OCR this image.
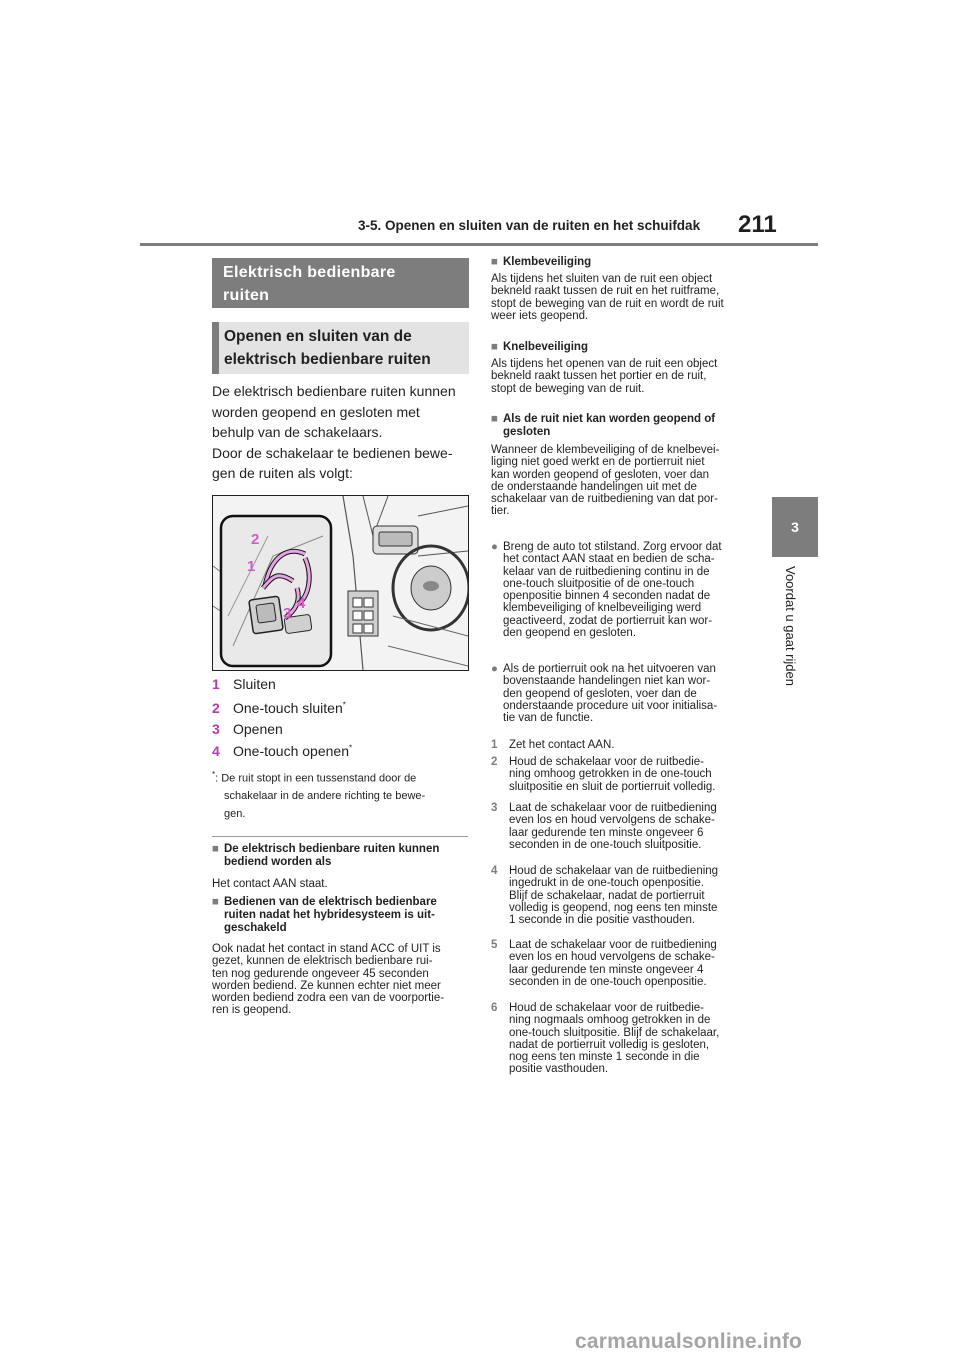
3-5. Openen en sluiten van de ruiten en het schuifdak 211
3
Voordat u gaat rijden
Elektrisch bedienbare
ruiten
Openen en sluiten van de
elektrisch bedienbare ruiten
De elektrisch bedienbare ruiten kunnen
worden geopend en gesloten met
behulp van de schakelaars.
Door de schakelaar te bedienen bewe-
gen de ruiten als volgt:
2
1
4
3
1 Sluiten
2 One-touch sluiten*
3 Openen
4 One-touch openen*
*: De ruit stopt in een tussenstand door de
schakelaar in de andere richting te bewe-
gen.
■ De elektrisch bedienbare ruiten kunnen
bediend worden als
Het contact AAN staat.
■ Bedienen van de elektrisch bedienbare
ruiten nadat het hybridesysteem is uit-
geschakeld
Ook nadat het contact in stand ACC of UIT is
gezet, kunnen de elektrisch bedienbare rui-
ten nog gedurende ongeveer 45 seconden
worden bediend. Ze kunnen echter niet meer
worden bediend zodra een van de voorportie-
ren is geopend.
■ Klembeveiliging
Als tijdens het sluiten van de ruit een object
bekneld raakt tussen de ruit en het ruitframe,
stopt de beweging van de ruit en wordt de ruit
weer iets geopend.
■ Knelbeveiliging
Als tijdens het openen van de ruit een object
bekneld raakt tussen het portier en de ruit,
stopt de beweging van de ruit.
■ Als de ruit niet kan worden geopend of
gesloten
Wanneer de klembeveiliging of de knelbevei-
liging niet goed werkt en de portierruit niet
kan worden geopend of gesloten, voer dan
de onderstaande handelingen uit met de
schakelaar van de ruitbediening van dat por-
tier.
● Breng de auto tot stilstand. Zorg ervoor dat
het contact AAN staat en bedien de scha-
kelaar van de ruitbediening continu in de
one-touch sluitpositie of de one-touch
openpositie binnen 4 seconden nadat de
klembeveiliging of knelbeveiliging werd
geactiveerd, zodat de portierruit kan wor-
den geopend en gesloten.
● Als de portierruit ook na het uitvoeren van
bovenstaande handelingen niet kan wor-
den geopend of gesloten, voer dan de
onderstaande procedure uit voor initialisa-
tie van de functie.
1 Zet het contact AAN.
2 Houd de schakelaar voor de ruitbedie-
ning omhoog getrokken in de one-touch
sluitpositie en sluit de portierruit volledig.
3 Laat de schakelaar voor de ruitbediening
even los en houd vervolgens de schake-
laar gedurende ten minste ongeveer 6
seconden in de one-touch sluitpositie.
4 Houd de schakelaar van de ruitbediening
ingedrukt in de one-touch openpositie.
Blijf de schakelaar, nadat de portierruit
volledig is geopend, nog eens ten minste
1 seconde in die positie vasthouden.
5 Laat de schakelaar voor de ruitbediening
even los en houd vervolgens de schake-
laar gedurende ten minste ongeveer 4
seconden in de one-touch openpositie.
6 Houd de schakelaar voor de ruitbedie-
ning nogmaals omhoog getrokken in de
one-touch sluitpositie. Blijf de schakelaar,
nadat de portierruit volledig is gesloten,
nog eens ten minste 1 seconde in die
positie vasthouden.
carmanualsonline.info
